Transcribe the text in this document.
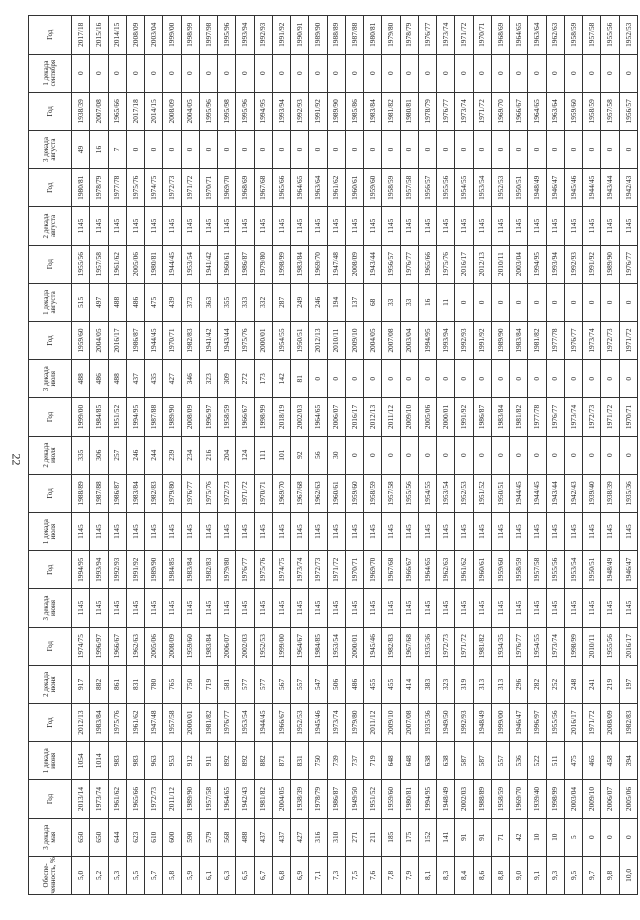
22
Обеспе-ченность, %	3 декада мая	Год	1 декада июня	Год	2 декада июня	Год	3 декада июня	Год	1 декада июля	Год	2 декада июля	Год	3 декада июля	Год	1 декада августа	Год	2 декада августа	Год	3 декада августа	Год	1 декада сентября	Год
5,0	650	2013/14	1054	2012/13	917	1974/75	1145	1994/95	1145	1988/89	335	1999/00	488	1959/60	515	1955/56	1145	1980/81	49	1938/39	0	2017/18
5,2	650	1973/74	1014	1983/84	882	1996/97	1145	1993/94	1145	1987/88	306	1984/85	486	2004/05	497	1957/58	1145	1978/79	16	2007/08	0	2015/16
5,3	644	1961/62	983	1975/76	861	1966/67	1145	1992/93	1145	1986/87	257	1951/52	488	2016/17	488	1961/62	1145	1977/78	7	1965/66	0	2014/15
5,5	623	1965/66	983	1961/62	831	1962/63	1145	1991/92	1145	1983/84	246	1994/95	437	1986/87	486	2005/06	1145	1975/76	0	2017/18	0	2008/09
5,7	610	1972/73	963	1947/48	780	2005/06	1145	1989/90	1145	1982/83	244	1987/88	435	1944/45	475	1980/81	1145	1974/75	0	2014/15	0	2003/04
5,8	600	2011/12	953	1957/58	765	2008/09	1145	1984/85	1145	1979/80	239	1989/90	427	1970/71	439	1944/45	1145	1972/73	0	2008/09	0	1999/00
5,9	590	1989/90	912	2000/01	750	1959/60	1145	1983/84	1145	1976/77	234	2008/09	346	1982/83	373	1953/54	1145	1971/72	0	2004/05	0	1998/99
6,1	579	1957/58	911	1981/82	719	1983/84	1145	1982/83	1145	1975/76	216	1996/97	323	1941/42	363	1941/42	1145	1970/71	0	1995/96	0	1997/98
6,3	568	1964/65	892	1976/77	581	2006/07	1145	1979/80	1145	1972/73	204	1958/59	309	1943/44	355	1960/61	1145	1969/70	0	1995/98	0	1995/96
6,5	488	1942/43	892	1953/54	577	2002/03	1145	1976/77	1145	1971/72	124	1966/67	272	1975/76	333	1986/87	1145	1968/69	0	1995/96	0	1993/94
6,7	437	1981/82	882	1944/45	577	1952/53	1145	1975/76	1145	1970/71	111	1998/99	173	2000/01	332	1979/80	1145	1967/68	0	1994/95	0	1992/93
6,8	437	2004/05	871	1966/67	567	1999/00	1145	1974/75	1145	1969/70	101	2018/19	142	1954/55	287	1998/99	1145	1965/66	0	1993/94	0	1991/92
6,9	427	1938/39	831	1952/53	557	1964/67	1145	1973/74	1145	1967/68	92	2002/03	81	1950/51	249	1983/84	1145	1964/65	0	1992/93	0	1990/91
7,1	316	1978/79	750	1945/46	547	1984/85	1145	1972/73	1145	1962/63	56	1964/65	0	2012/13	246	1969/70	1145	1963/64	0	1991/92	0	1989/90
7,3	310	1986/87	739	1973/74	506	1953/54	1145	1971/72	1145	1960/61	30	2006/07	0	2010/11	194	1947/48	1145	1961/62	0	1989/90	0	1988/89
7,5	271	1949/50	737	1979/80	486	2000/01	1145	1970/71	1145	1959/60	0	2016/17	0	2009/10	137	2008/09	1145	1960/61	0	1985/86	0	1987/88
7,6	211	1951/52	719	2011/12	455	1945/46	1145	1969/70	1145	1958/59	0	2012/13	0	2004/05	68	1943/44	1145	1959/60	0	1983/84	0	1980/81
7,8	185	1959/60	648	2009/10	455	1982/83	1145	1967/68	1145	1957/58	0	2011/12	0	2007/08	33	1956/57	1145	1958/59	0	1981/82	0	1979/80
7,9	175	1980/81	648	2007/08	414	1967/68	1145	1966/67	1145	1955/56	0	2009/10	0	2003/04	33	1976/77	1145	1957/58	0	1980/81	0	1978/79
8,1	152	1994/95	638	1935/36	383	1935/36	1145	1964/65	1145	1954/55	0	2005/06	0	1994/95	16	1965/66	1145	1956/57	0	1978/79	0	1976/77
8,3	141	1948/49	638	1949/50	323	1972/73	1145	1962/63	1145	1953/54	0	2000/01	0	1993/94	11	1975/76	1145	1955/56	0	1976/77	0	1973/74
8,4	91	2002/03	587	1992/93	319	1971/72	1145	1961/62	1145	1952/53	0	1991/92	0	1992/93	0	2016/17	1145	1954/55	0	1973/74	0	1971/72
8,6	91	1988/89	587	1948/49	313	1981/82	1145	1960/61	1145	1951/52	0	1986/87	0	1991/92	0	2012/13	1145	1953/54	0	1971/72	0	1970/71
8,8	71	1958/59	557	1999/00	313	1934/35	1145	1959/60	1145	1950/51	0	1983/84	0	1989/90	0	2010/11	1145	1952/53	0	1969/70	0	1968/69
9,0	42	1969/70	536	1946/47	296	1976/77	1145	1958/59	1145	1944/45	0	1981/82	0	1983/84	0	2003/04	1145	1950/51	0	1966/67	0	1964/65
9,1	10	1939/40	522	1996/97	282	1954/55	1145	1957/58	1145	1944/45	0	1977/78	0	1981/82	0	1994/95	1145	1948/49	0	1964/65	0	1963/64
9,3	10	1998/99	511	1955/56	252	1973/74	1145	1955/56	1145	1943/44	0	1976/77	0	1977/78	0	1993/94	1145	1946/47	0	1963/64	0	1962/63
9,5	5	2003/04	475	2016/17	248	1998/99	1145	1953/54	1145	1942/43	0	1973/74	0	1976/77	0	1992/93	1145	1945/46	0	1959/60	0	1958/59
9,7	0	2009/10	465	1971/72	241	2010/11	1145	1950/51	1145	1939/40	0	1972/73	0	1973/74	0	1991/92	1145	1944/45	0	1958/59	0	1957/58
9,8	0	2006/07	458	2008/09	219	1955/56	1145	1948/49	1145	1938/39	0	1971/72	0	1972/73	0	1989/90	1145	1943/44	0	1957/58	0	1955/56
10,0	0	2005/06	394	1982/83	197	2016/17	1145	1946/47	1145	1935/36	0	1970/71	0	1971/72	0	1976/77	1145	1942/43	0	1956/57	0	1952/53
